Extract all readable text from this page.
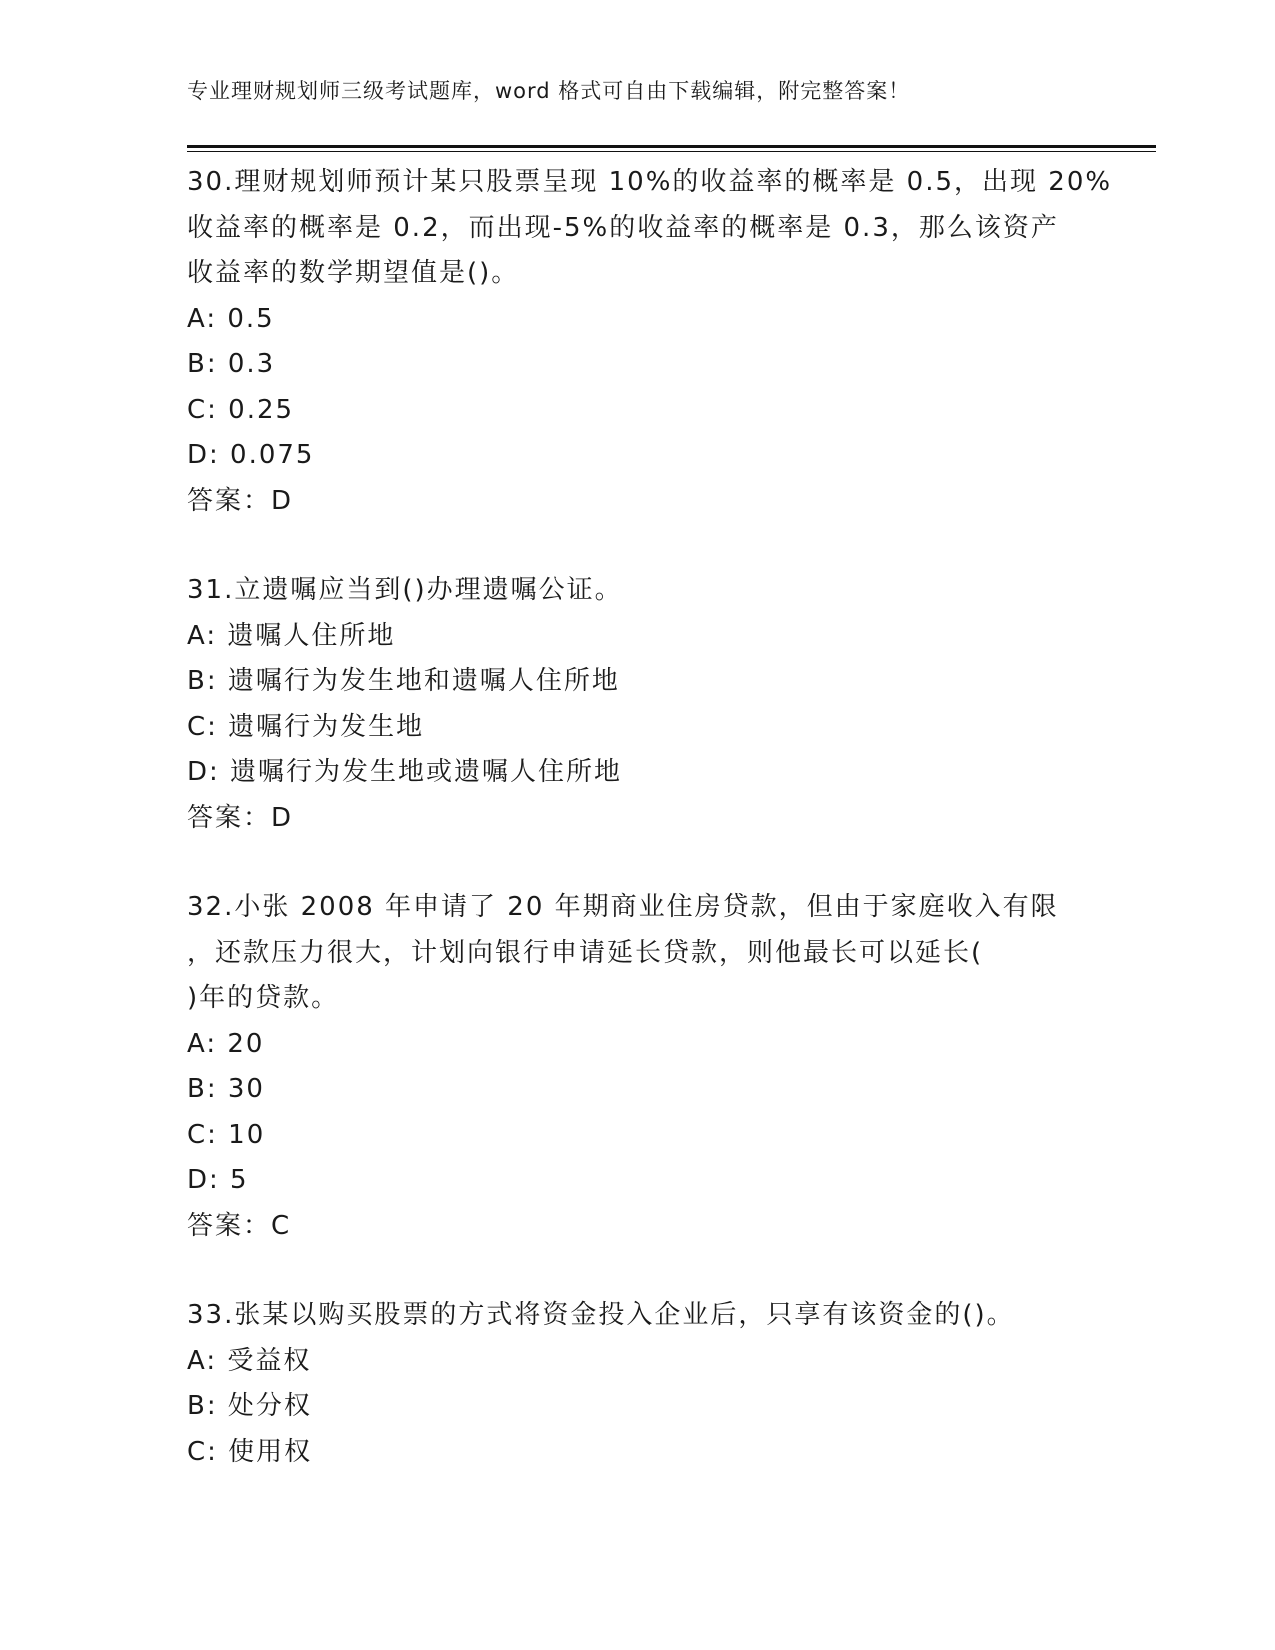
专业理财规划师三级考试题库，word 格式可自由下载编辑，附完整答案！
30.理财规划师预计某只股票呈现 10%的收益率的概率是 0.5，出现 20%
收益率的概率是 0.2，而出现-5%的收益率的概率是 0.3，那么该资产
收益率的数学期望值是()。
A: 0.5
B: 0.3
C: 0.25
D: 0.075
答案：D
31.立遗嘱应当到()办理遗嘱公证。
A: 遗嘱人住所地
B: 遗嘱行为发生地和遗嘱人住所地
C: 遗嘱行为发生地
D: 遗嘱行为发生地或遗嘱人住所地
答案：D
32.小张 2008 年申请了 20 年期商业住房贷款，但由于家庭收入有限
，还款压力很大，计划向银行申请延长贷款，则他最长可以延长(
)年的贷款。
A: 20
B: 30
C: 10
D: 5
答案：C
33.张某以购买股票的方式将资金投入企业后，只享有该资金的()。
A: 受益权
B: 处分权
C: 使用权
